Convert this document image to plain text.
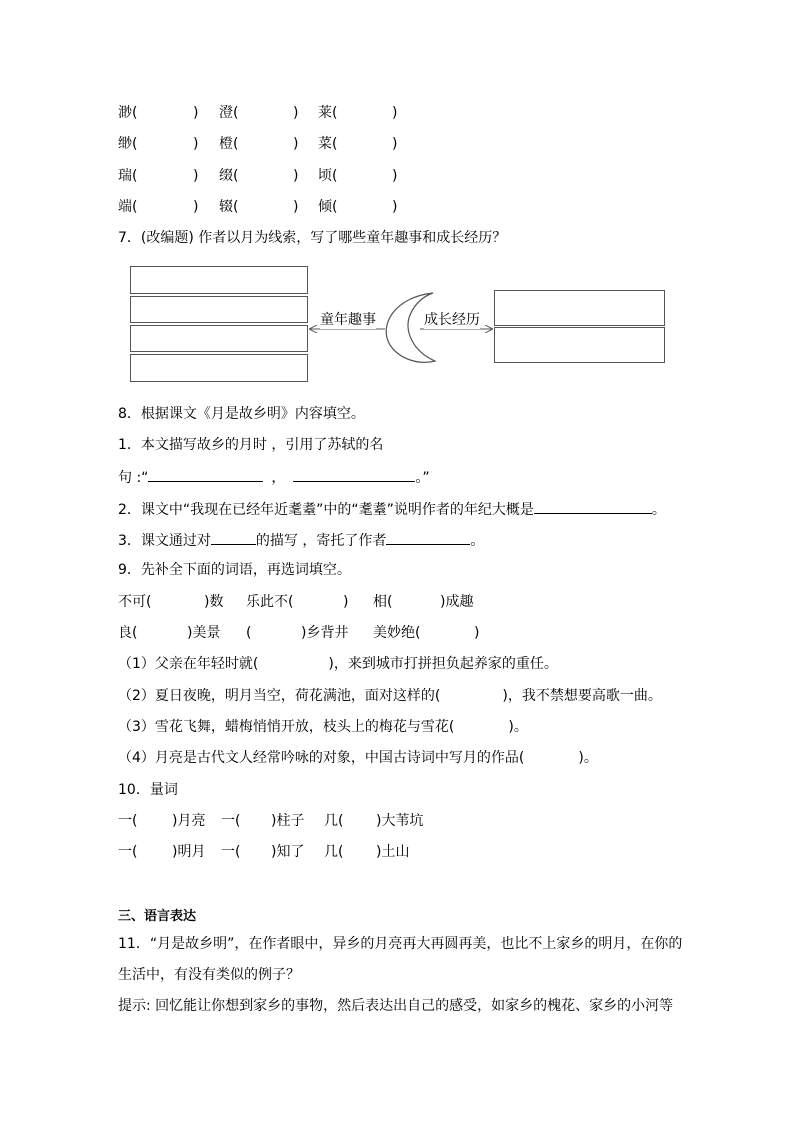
渺(	) 澄(	) 莱(	)
缈(	) 橙(	) 菜(	)
瑞(	) 缀(	) 顷(	)
端(	) 辍(	) 倾(	)
7．(改编题) 作者以月为线索，写了哪些童年趣事和成长经历？
童年趣事	成长经历
8．根据课文《月是故乡明》内容填空。
1．本文描写故乡的月时 ，引用了苏轼的名
句 :“	，	。”
2．课文中“我现在已经年近耄耋”中的“耄耋”说明作者的年纪大概是	。
3．课文通过对	的描写 ，寄托了作者	。
9．先补全下面的词语，再选词填空。
不可(	)数 乐此不(	) 相(	)成趣
良(	)美景 (	)乡背井 美妙绝(	)
（1）父亲在年轻时就(	)，来到城市打拼担负起养家的重任。
（2）夏日夜晚，明月当空，荷花满池，面对这样的(	)，我不禁想要高歌一曲。
（3）雪花飞舞，蜡梅悄悄开放，枝头上的梅花与雪花(	)。
（4）月亮是古代文人经常吟咏的对象，中国古诗词中写月的作品(	)。
10．量词
一( )月亮 一( )柱子 几( )大苇坑
一( )明月 一( )知了 几( )土山
三、语言表达
11．“月是故乡明”，在作者眼中，异乡的月亮再大再圆再美，也比不上家乡的明月，在你的
生活中，有没有类似的例子？
提示: 回忆能让你想到家乡的事物，然后表达出自己的感受，如家乡的槐花、家乡的小河等
